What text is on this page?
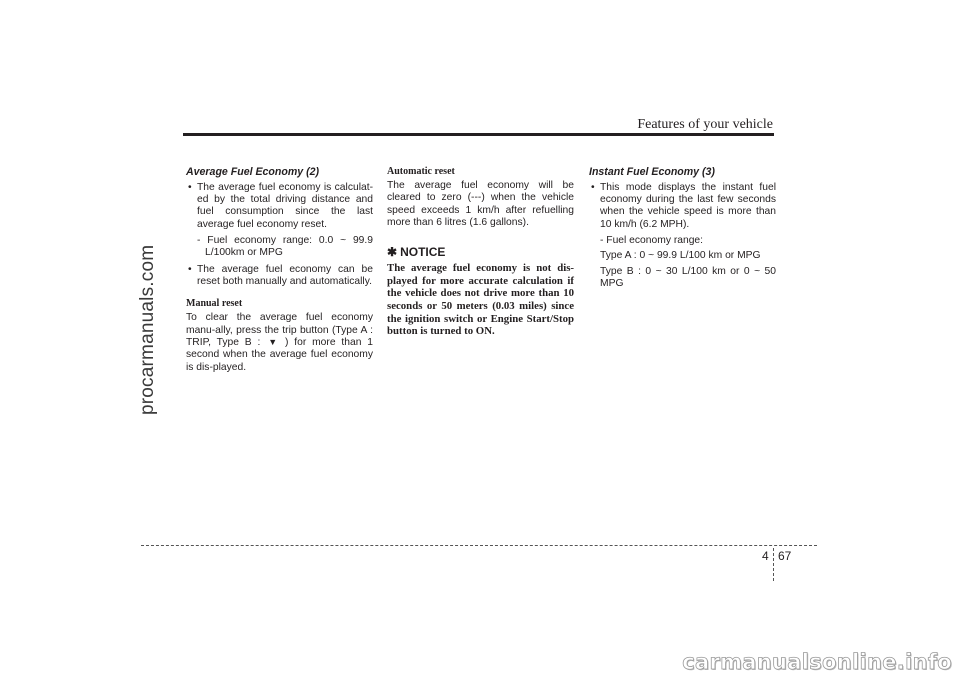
procarmanuals.com
Features of your vehicle
Average Fuel Economy (2)
• The average fuel economy is calculat-ed by the total driving distance and fuel consumption since the last average fuel economy reset.
- Fuel economy range: 0.0 ~ 99.9 L/100km or MPG
• The average fuel economy can be reset both manually and automatically.
Manual reset

To clear the average fuel economy manu-ally, press the trip button (Type A : TRIP, Type B : ▼ ) for more than 1 second when the average fuel economy is dis-played.

Automatic reset

The average fuel economy will be cleared to zero (---) when the vehicle speed exceeds 1 km/h after refuelling more than 6 litres (1.6 gallons).

✱ NOTICE

The average fuel economy is not dis-played for more accurate calculation if the vehicle does not drive more than 10 seconds or 50 meters (0.03 miles) since the ignition switch or Engine Start/Stop button is turned to ON.

Instant Fuel Economy (3)
• This mode displays the instant fuel economy during the last few seconds when the vehicle speed is more than 10 km/h (6.2 MPH).
- Fuel economy range:
Type A : 0 ~ 99.9 L/100 km or MPG
Type B : 0 ~ 30 L/100 km or 0 ~ 50 MPG
4 67
carmanualsonline.info
